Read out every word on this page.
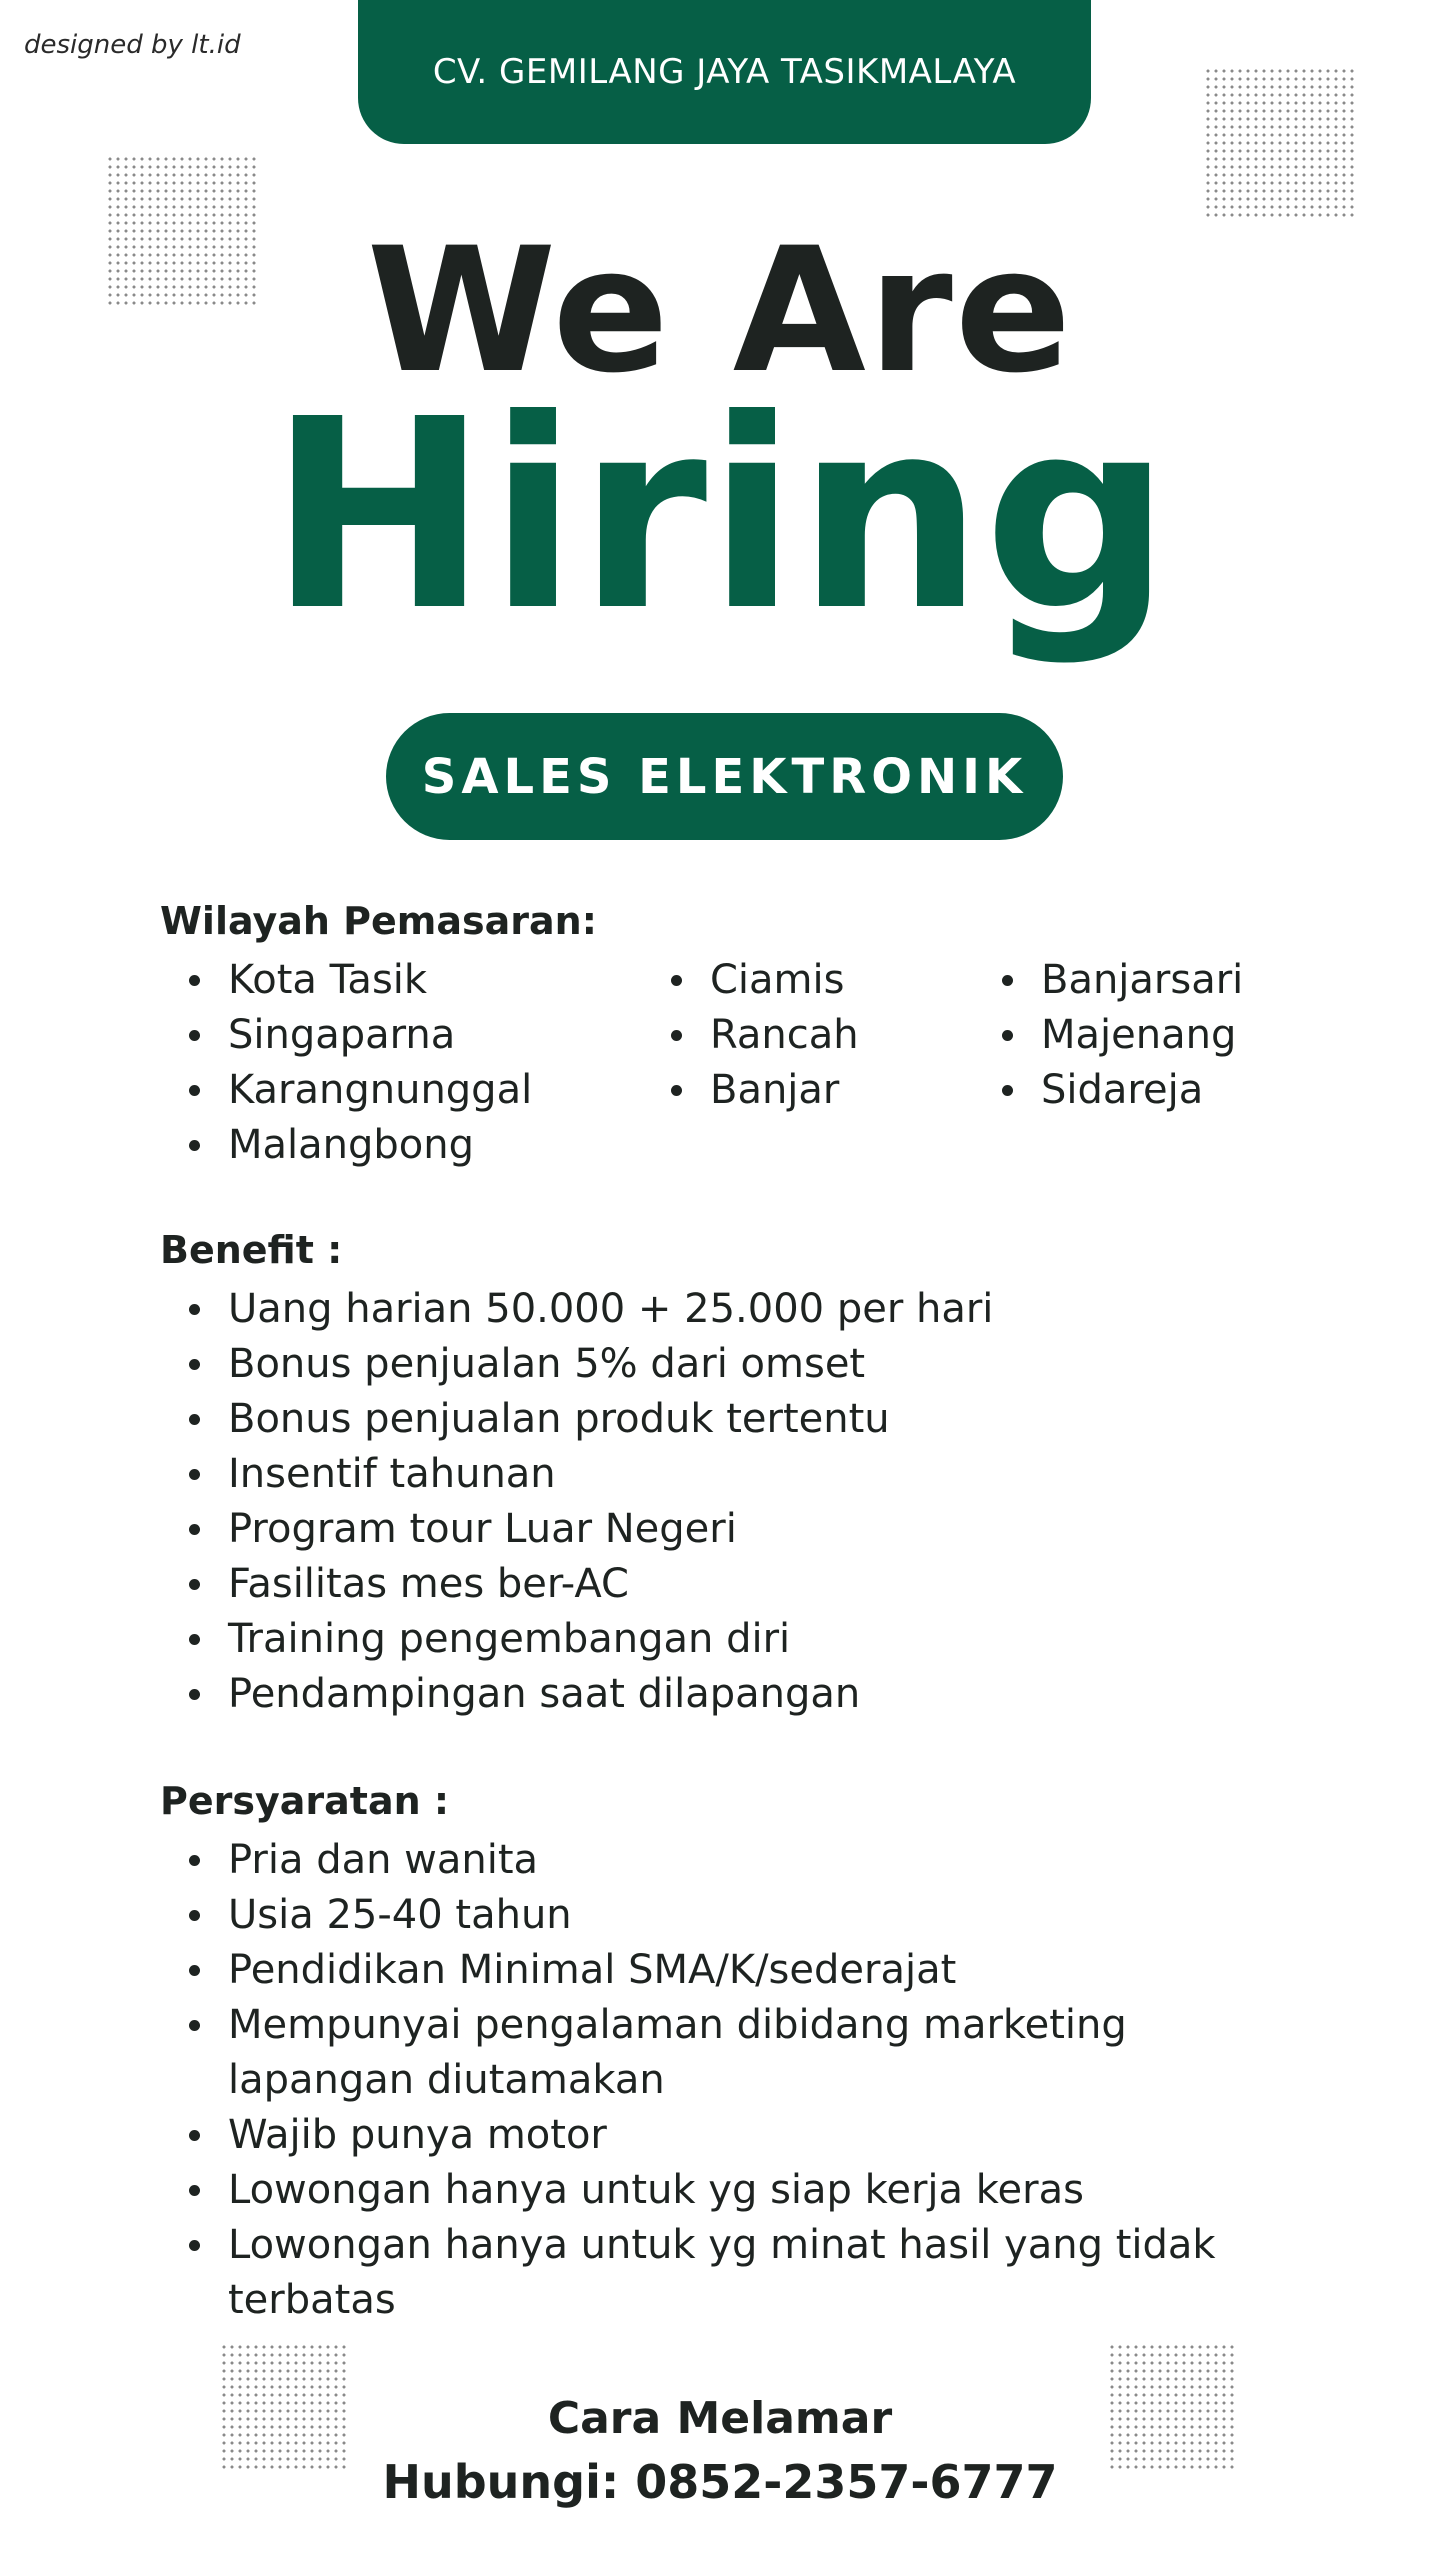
designed by lt.id
CV. GEMILANG JAYA TASIKMALAYA
We Are
Hiring
SALES ELEKTRONIK
Wilayah Pemasaran:
Kota Tasik
Singaparna
Karangnunggal
Malangbong
Ciamis
Rancah
Banjar
Banjarsari
Majenang
Sidareja
Benefit :
Uang harian 50.000 + 25.000 per hari
Bonus penjualan 5% dari omset
Bonus penjualan produk tertentu
Insentif tahunan
Program tour Luar Negeri
Fasilitas mes ber-AC
Training pengembangan diri
Pendampingan saat dilapangan
Persyaratan :
Pria dan wanita
Usia 25-40 tahun
Pendidikan Minimal SMA/K/sederajat
Mempunyai pengalaman dibidang marketing lapangan diutamakan
Wajib punya motor
Lowongan hanya untuk yg siap kerja keras
Lowongan hanya untuk yg minat hasil yang tidak terbatas
Cara Melamar
Hubungi: 0852-2357-6777
